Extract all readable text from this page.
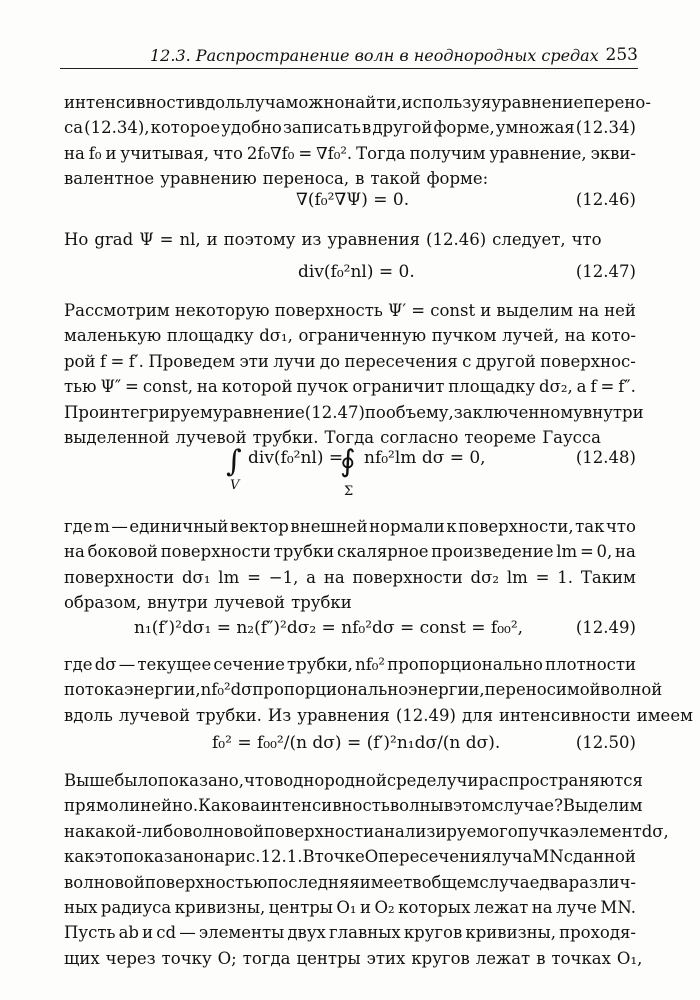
12.3. Распространение волн в неоднородных средах 253
интенсивности вдоль луча можно найти, используя уравнение перено-
са (12.34), которое удобно записать в другой форме, умножая (12.34)
на f₀ и учитывая, что 2f₀∇f₀ = ∇f₀². Тогда получим уравнение, экви-
валентное уравнению переноса, в такой форме:
∇(f₀²∇Ψ) = 0.	(12.46)
Но grad Ψ = nl, и поэтому из уравнения (12.46) следует, что
div(f₀²nl) = 0.	(12.47)
Рассмотрим некоторую поверхность Ψ′ = const и выделим на ней
маленькую площадку dσ₁, ограниченную пучком лучей, на кото-
рой f = f′. Проведем эти лучи до пересечения с другой поверхнос-
тью Ψ″ = const, на которой пучок ограничит площадку dσ₂, а f = f″.
Проинтегрируем уравнение (12.47) по объему, заключенному внутри
выделенной лучевой трубки. Тогда согласно теореме Гаусса
∫
V
div(f₀²nl) =
∮
Σ
nf₀²lm dσ = 0,	(12.48)
где m — единичный вектор внешней нормали к поверхности, так что
на боковой поверхности трубки скалярное произведение lm = 0, на
поверхности dσ₁ lm = −1, а на поверхности dσ₂ lm = 1. Таким
образом, внутри лучевой трубки
n₁(f′)²dσ₁ = n₂(f″)²dσ₂ = nf₀²dσ = const = f₀₀²,	(12.49)
где dσ — текущее сечение трубки, nf₀² пропорционально плотности
потока энергии, nf₀²dσ пропорционально энергии, переносимой волной
вдоль лучевой трубки. Из уравнения (12.49) для интенсивности имеем
f₀² = f₀₀²/(n dσ) = (f′)²n₁dσ/(n dσ).	(12.50)
Выше было показано, что в однородной среде лучи распространяются
прямолинейно. Какова интенсивность волны в этом случае? Выделим
на какой-либо волновой поверхности анализируемого пучка элемент dσ,
как это показано на рис. 12.1. В точке O пересечения луча MN с данной
волновой поверхностью последняя имеет в общем случае два различ-
ных радиуса кривизны, центры O₁ и O₂ которых лежат на луче MN.
Пусть ab и cd — элементы двух главных кругов кривизны, проходя-
щих через точку O; тогда центры этих кругов лежат в точках O₁,
